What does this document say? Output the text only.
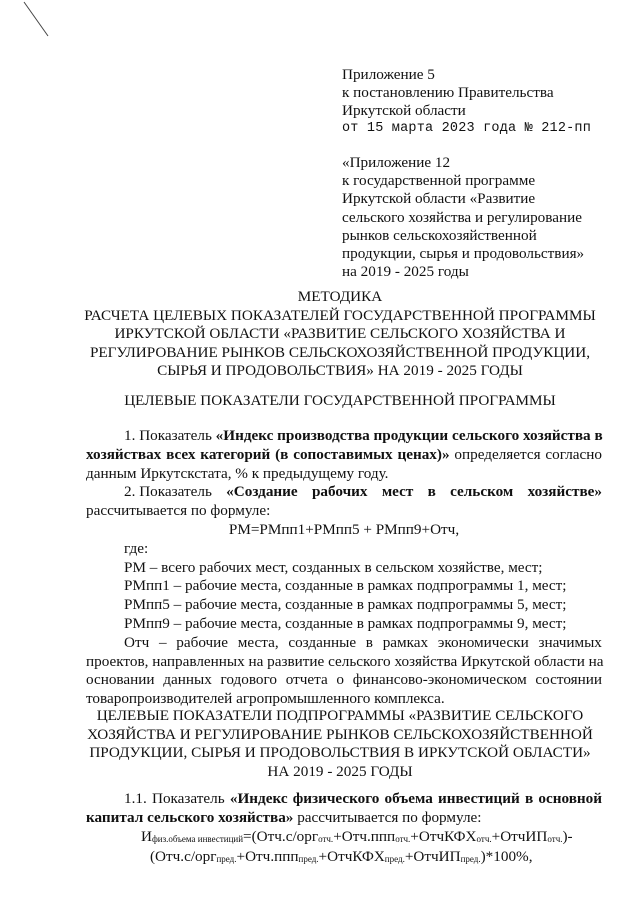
Приложение 5
к постановлению Правительства
Иркутской области
от 15 марта 2023 года № 212-пп
«Приложение 12
к государственной программе
Иркутской области «Развитие
сельского хозяйства и регулирование
рынков сельскохозяйственной
продукции, сырья и продовольствия»
на 2019 - 2025 годы
МЕТОДИКА
РАСЧЕТА ЦЕЛЕВЫХ ПОКАЗАТЕЛЕЙ ГОСУДАРСТВЕННОЙ ПРОГРАММЫ
ИРКУТСКОЙ ОБЛАСТИ «РАЗВИТИЕ СЕЛЬСКОГО ХОЗЯЙСТВА И
РЕГУЛИРОВАНИЕ РЫНКОВ СЕЛЬСКОХОЗЯЙСТВЕННОЙ ПРОДУКЦИИ,
СЫРЬЯ И ПРОДОВОЛЬСТВИЯ» НА 2019 - 2025 ГОДЫ
ЦЕЛЕВЫЕ ПОКАЗАТЕЛИ ГОСУДАРСТВЕННОЙ ПРОГРАММЫ
1. Показатель «Индекс производства продукции сельского хозяйства в
хозяйствах всех категорий (в сопоставимых ценах)» определяется согласно
данным Иркутскстата, % к предыдущему году.
2. Показатель «Создание рабочих мест в сельском хозяйстве»
рассчитывается по формуле:
РМ=РМпп1+РМпп5 + РМпп9+Отч,
где:
РМ – всего рабочих мест, созданных в сельском хозяйстве, мест;
РМпп1 – рабочие места, созданные в рамках подпрограммы 1, мест;
РМпп5 – рабочие места, созданные в рамках подпрограммы 5, мест;
РМпп9 – рабочие места, созданные в рамках подпрограммы 9, мест;
Отч – рабочие места, созданные в рамках экономически значимых
проектов, направленных на развитие сельского хозяйства Иркутской области на
основании данных годового отчета о финансово-экономическом состоянии
товаропроизводителей агропромышленного комплекса.
ЦЕЛЕВЫЕ ПОКАЗАТЕЛИ ПОДПРОГРАММЫ «РАЗВИТИЕ СЕЛЬСКОГО
ХОЗЯЙСТВА И РЕГУЛИРОВАНИЕ РЫНКОВ СЕЛЬСКОХОЗЯЙСТВЕННОЙ
ПРОДУКЦИИ, СЫРЬЯ И ПРОДОВОЛЬСТВИЯ В ИРКУТСКОЙ ОБЛАСТИ»
НА 2019 - 2025 ГОДЫ
1.1. Показатель «Индекс физического объема инвестиций в основной
капитал сельского хозяйства» рассчитывается по формуле:
Ифиз.объема инвестиций=(Отч.с/орготч.+Отч.пппотч.+ОтчКФХотч.+ОтчИПотч.)-
(Отч.с/оргпред.+Отч.ппппред.+ОтчКФХпред.+ОтчИПпред.)*100%,
